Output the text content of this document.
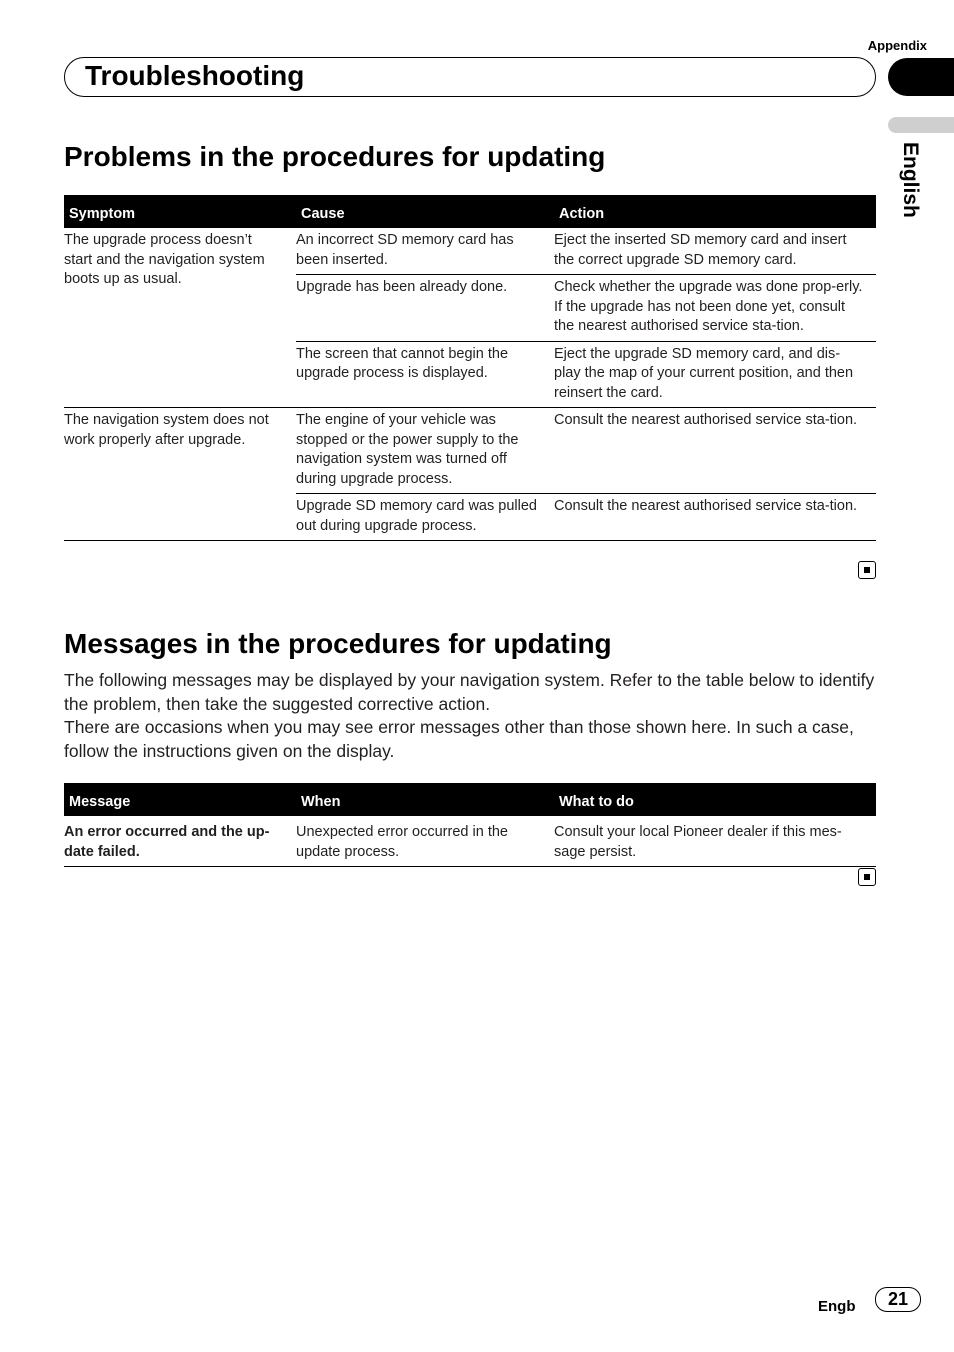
Appendix
Troubleshooting
English
Problems in the procedures for updating
Symptom	Cause	Action
The upgrade process doesn’t start and the navigation system boots up as usual.	An incorrect SD memory card has been inserted.	Eject the inserted SD memory card and insert the correct upgrade SD memory card.
	Upgrade has been already done.	Check whether the upgrade was done prop-erly. If the upgrade has not been done yet, consult the nearest authorised service sta-tion.
	The screen that cannot begin the upgrade process is displayed.	Eject the upgrade SD memory card, and dis-play the map of your current position, and then reinsert the card.
The navigation system does not work properly after upgrade.	The engine of your vehicle was stopped or the power supply to the navigation system was turned off during upgrade process.	Consult the nearest authorised service sta-tion.
	Upgrade SD memory card was pulled out during upgrade process.	Consult the nearest authorised service sta-tion.
Messages in the procedures for updating

The following messages may be displayed by your navigation system. Refer to the table below to identify the problem, then take the suggested corrective action.

There are occasions when you may see error messages other than those shown here. In such a case, follow the instructions given on the display.

Message	When	What to do
An error occurred and the up-date failed.	Unexpected error occurred in the update process.	Consult your local Pioneer dealer if this mes-sage persist.
Engb	21
